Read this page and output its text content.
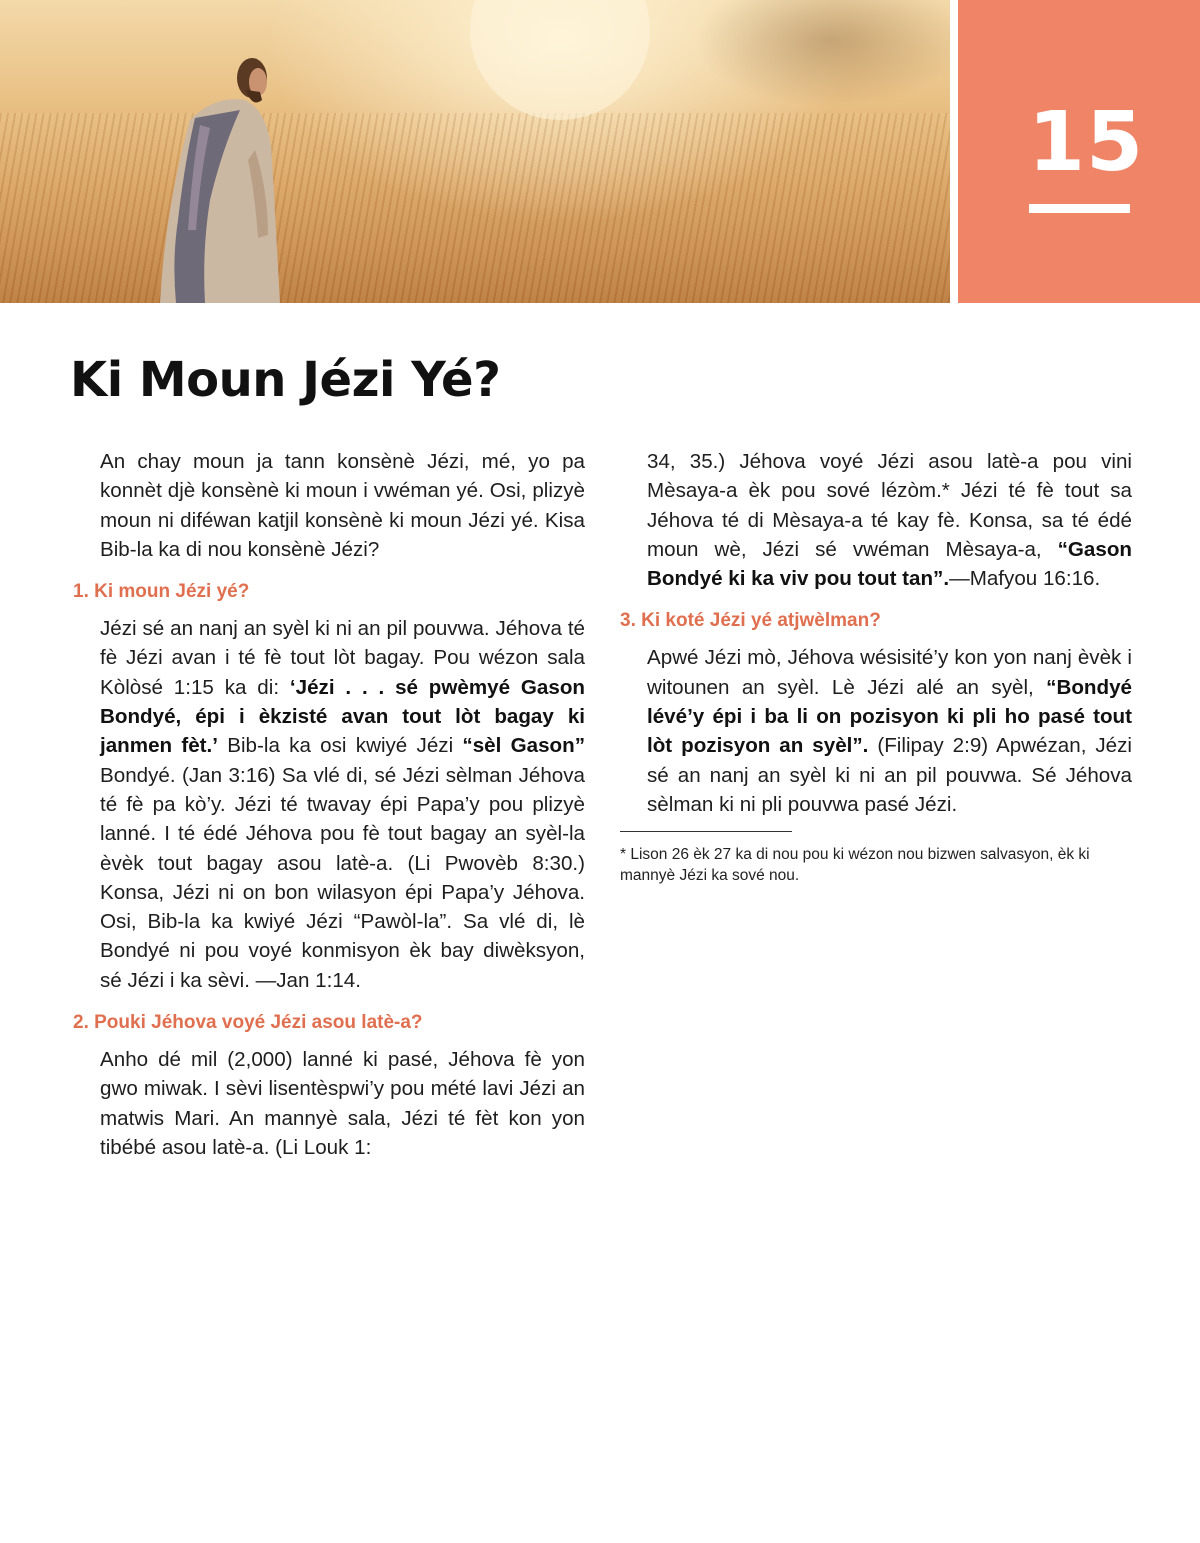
15
Ki Moun Jézi Yé?

An chay moun ja tann konsènè Jézi, mé, yo pa konnèt djè konsènè ki moun i vwéman yé. Osi, plizyè moun ni diféwan katjil konsènè ki moun Jézi yé. Kisa Bib-la ka di nou konsènè Jézi?

1. Ki moun Jézi yé?

Jézi sé an nanj an syèl ki ni an pil pouvwa. Jéhova té fè Jézi avan i té fè tout lòt bagay. Pou wézon sala Kòlòsé 1:15 ka di: ‘Jézi . . . sé pwèmyé Gason Bondyé, épi i èkzisté avan tout lòt bagay ki janmen fèt.’ Bib-la ka osi kwiyé Jézi “sèl Gason” Bondyé. (Jan 3:16) Sa vlé di, sé Jézi sèlman Jéhova té fè pa kò’y. Jézi té twavay épi Papa’y pou plizyè lanné. I té édé Jéhova pou fè tout bagay an syèl-la èvèk tout bagay asou latè-a. (Li Pwovèb 8:30.) Konsa, Jézi ni on bon wilasyon épi Papa’y Jéhova. Osi, Bib-la ka kwiyé Jézi “Pawòl-la”. Sa vlé di, lè Bondyé ni pou voyé konmisyon èk bay diwèksyon, sé Jézi i ka sèvi. —Jan 1:14.

2. Pouki Jéhova voyé Jézi asou latè-a?

Anho dé mil (2,000) lanné ki pasé, Jéhova fè yon gwo miwak. I sèvi lisentèspwi’y pou mété lavi Jézi an matwis Mari. An mannyè sala, Jézi té fèt kon yon tibébé asou latè-a. (Li Louk 1:

34, 35.) Jéhova voyé Jézi asou latè-a pou vini Mèsaya-a èk pou sové lézòm.* Jézi té fè tout sa Jéhova té di Mèsaya-a té kay fè. Konsa, sa té édé moun wè, Jézi sé vwéman Mèsaya-a, “Gason Bondyé ki ka viv pou tout tan”.—Mafyou 16:16.

3. Ki koté Jézi yé atjwèlman?

Apwé Jézi mò, Jéhova wésisité’y kon yon nanj èvèk i witounen an syèl. Lè Jézi alé an syèl, “Bondyé lévé’y épi i ba li on pozisyon ki pli ho pasé tout lòt pozisyon an syèl”. (Filipay 2:9) Apwézan, Jézi sé an nanj an syèl ki ni an pil pouvwa. Sé Jéhova sèlman ki ni pli pouvwa pasé Jézi.

* Lison 26 èk 27 ka di nou pou ki wézon nou bizwen salvasyon, èk ki mannyè Jézi ka sové nou.
